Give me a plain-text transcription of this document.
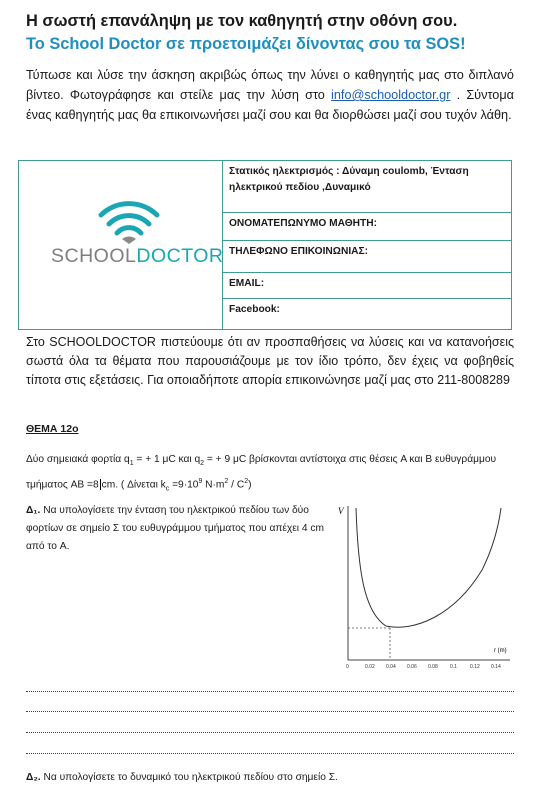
Η σωστή επανάληψη με τον καθηγητή στην οθόνη σου.
Το School Doctor σε προετοιμάζει δίνοντας σου τα SOS!
Τύπωσε και λύσε την άσκηση ακριβώς όπως την λύνει ο καθηγητής μας στο διπλανό βίντεο. Φωτογράφησε και στείλε μας την λύση στο info@schooldoctor.gr . Σύντομα ένας καθηγητής μας θα επικοινωνήσει μαζί σου και θα διορθώσει μαζί σου τυχόν λάθη.
SCHOOLDOCTOR
Στατικός ηλεκτρισμός : Δύναμη coulomb, Ένταση ηλεκτρικού πεδίου ,Δυναμικό
ΟΝΟΜΑΤΕΠΩΝΥΜΟ ΜΑΘΗΤΗ:
ΤΗΛΕΦΩΝΟ ΕΠΙΚΟΙΝΩΝΙΑΣ:
EMAIL:
Facebook:
Στο SCHOOLDOCTOR πιστεύουμε ότι αν προσπαθήσεις να λύσεις και να κατανοήσεις σωστά όλα τα θέματα που παρουσιάζουμε με τον ίδιο τρόπο, δεν έχεις να φοβηθείς τίποτα στις εξετάσεις. Για οποιαδήποτε απορία επικοινώνησε μαζί μας στο 211-8008289
ΘΕΜΑ 12ο
Δύο σημειακά φορτία $q_1$ = + 1 μC και $q_2$ = + 9 μC βρίσκονται αντίστοιχα στις θέσεις A και B ευθυγράμμου τμήματος AB =8 cm. ( Δίνεται $k_c =9\cdot 10^9$ $N\cdot m^2 / C^2$)
Δ₁. Να υπολογίσετε την ένταση του ηλεκτρικού πεδίου των δύο φορτίων σε σημείο Σ του ευθυγράμμου τμήματος που απέχει 4 cm από το A.
V
r (m)
0	0.02 0.04 0.06 0.08 0.1	0.12 0.14
Δ₂. Να υπολογίσετε το δυναμικό του ηλεκτρικού πεδίου στο σημείο Σ.
